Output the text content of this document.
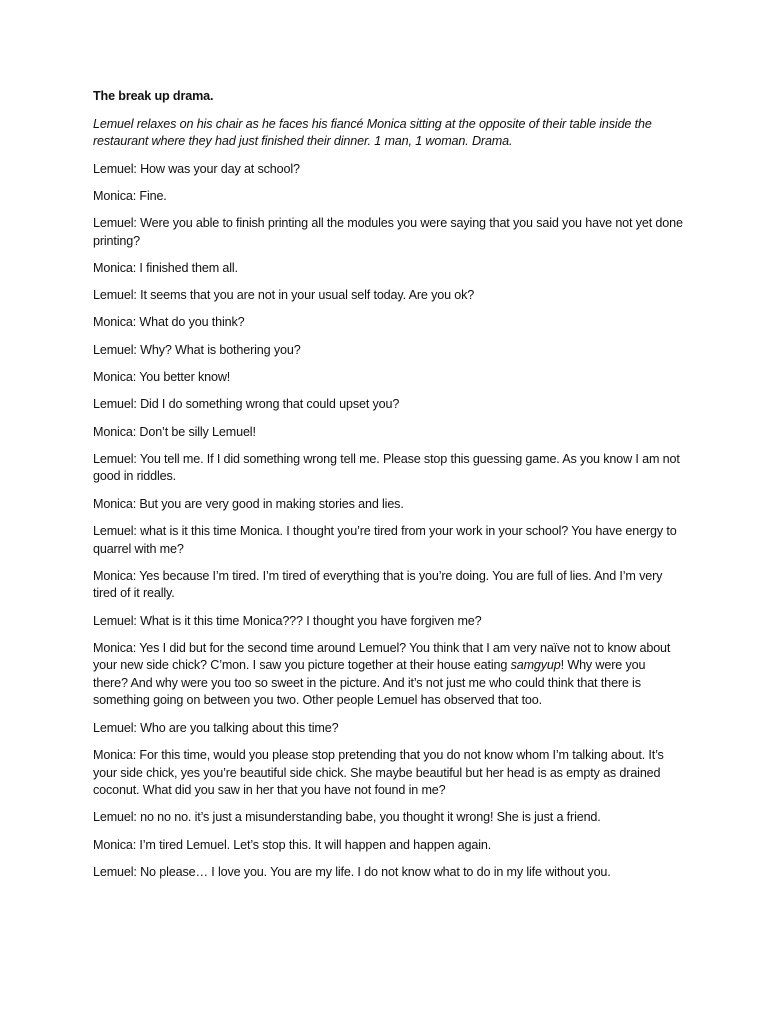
The break up drama.

Lemuel relaxes on his chair as he faces his fiancé Monica sitting at the opposite of their table inside the restaurant where they had just finished their dinner. 1 man, 1 woman. Drama.

Lemuel : How was your day at school?

Monica : Fine.

Lemuel : Were you able to finish printing all the modules you were saying that you said you have not yet done printing?

Monica : I finished them all.

Lemuel : It seems that you are not in your usual self today. Are you ok?

Monica : What do you think?

Lemuel : Why? What is bothering you?

Monica : You better know!

Lemuel : Did I do something wrong that could upset you?

Monica : Don’t be silly Lemuel!

Lemuel : You tell me. If I did something wrong tell me. Please stop this guessing game. As you know I am not good in riddles.

Monica : But you are very good in making stories and lies.

Lemuel : what is it this time Monica. I thought you’re tired from your work in your school? You have energy to quarrel with me?

Monica : Yes because I’m tired. I’m tired of everything that is you’re doing. You are full of lies. And I’m very tired of it really.

Lemuel : What is it this time Monica??? I thought you have forgiven me?

Monica : Yes I did but for the second time around Lemuel? You think that I am very naïve not to know about your new side chick? C’mon. I saw you picture together at their house eating samgyup! Why were you there? And why were you too so sweet in the picture. And it’s not just me who could think that there is something going on between you two. Other people Lemuel has observed that too.

Lemuel : Who are you talking about this time?

Monica : For this time, would you please stop pretending that you do not know whom I’m talking about. It’s your side chick, yes you’re beautiful side chick. She maybe beautiful but her head is as empty as drained coconut. What did you saw in her that you have not found in me?

Lemuel : no no no. it’s just a misunderstanding babe, you thought it wrong! She is just a friend.

Monica : I’m tired Lemuel. Let’s stop this. It will happen and happen again.

Lemuel : No please… I love you. You are my life. I do not know what to do in my life without you.
